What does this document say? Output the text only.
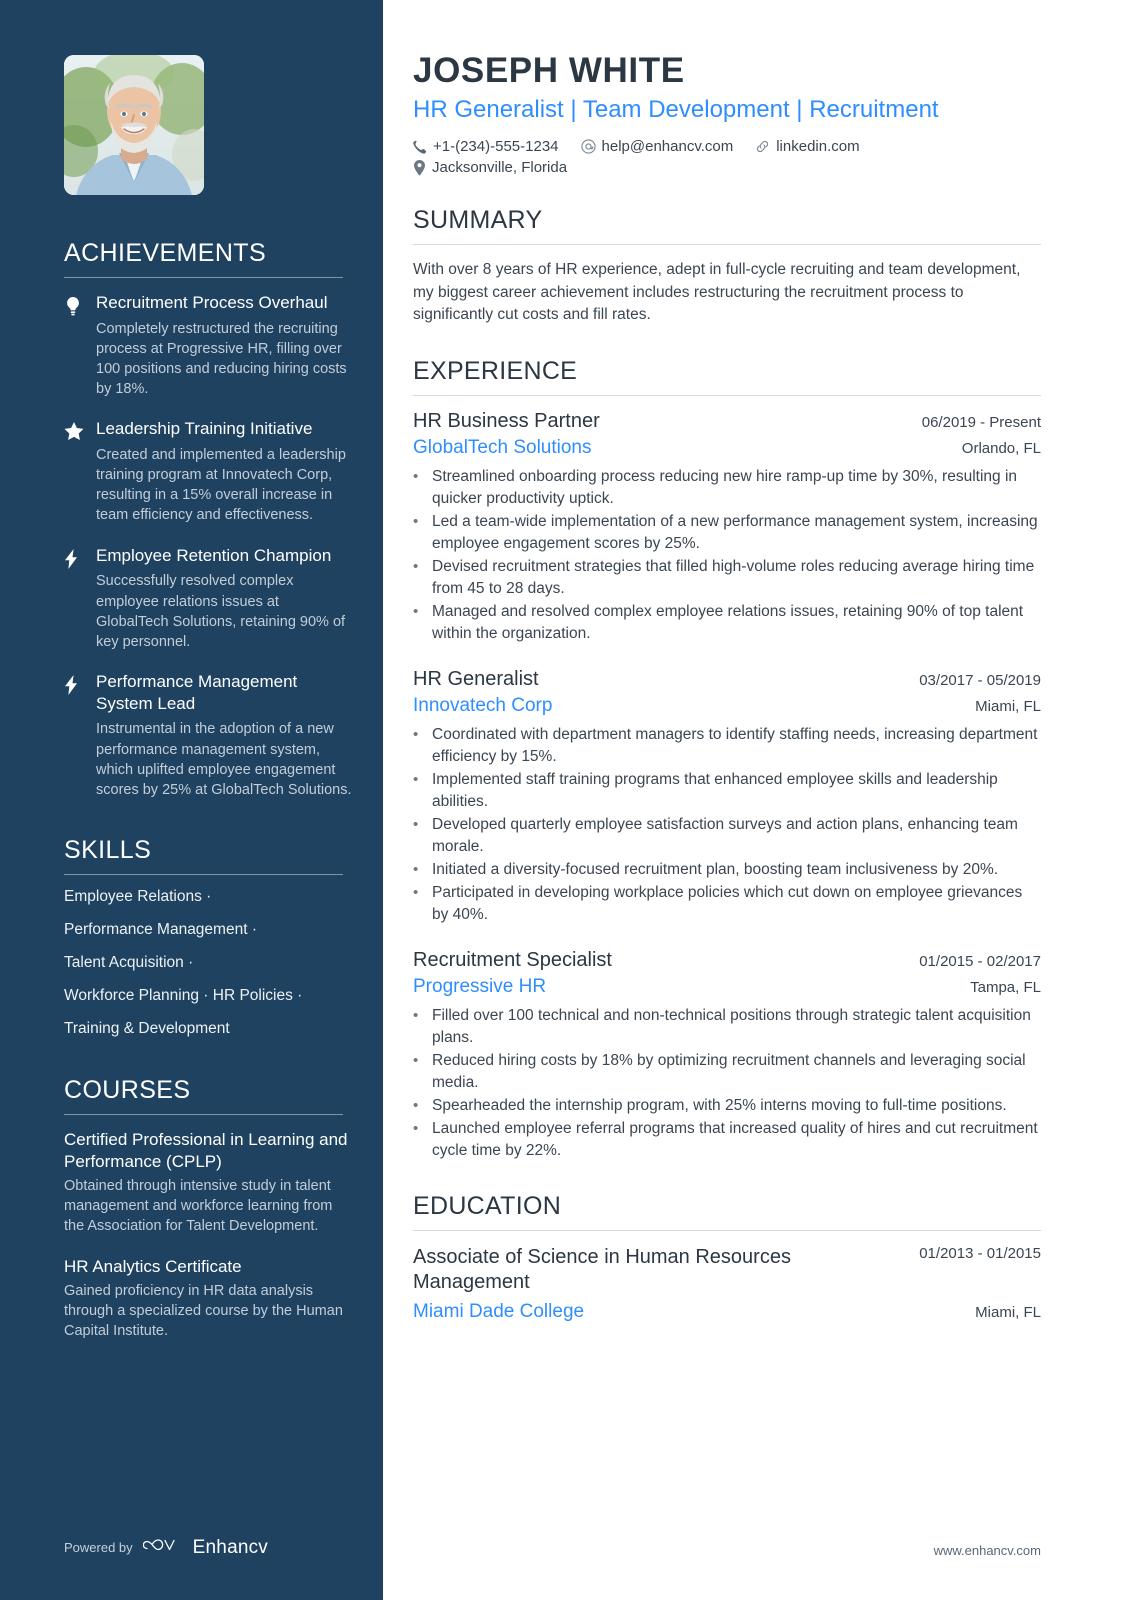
ACHIEVEMENTS
Recruitment Process Overhaul
Completely restructured the recruiting process at Progressive HR, filling over 100 positions and reducing hiring costs by 18%.
Leadership Training Initiative
Created and implemented a leadership training program at Innovatech Corp, resulting in a 15% overall increase in team efficiency and effectiveness.
Employee Retention Champion
Successfully resolved complex employee relations issues at GlobalTech Solutions, retaining 90% of key personnel.
Performance Management System Lead
Instrumental in the adoption of a new performance management system, which uplifted employee engagement scores by 25% at GlobalTech Solutions.
SKILLS
Employee Relations ·
Performance Management ·
Talent Acquisition ·
Workforce Planning · HR Policies ·
Training & Development
COURSES
Certified Professional in Learning and Performance (CPLP)
Obtained through intensive study in talent management and workforce learning from the Association for Talent Development.
HR Analytics Certificate
Gained proficiency in HR data analysis through a specialized course by the Human Capital Institute.
Powered by	Enhancv
JOSEPH WHITE
HR Generalist | Team Development | Recruitment
+1-(234)-555-1234	help@enhancv.com	linkedin.com
Jacksonville, Florida
SUMMARY

With over 8 years of HR experience, adept in full-cycle recruiting and team development, my biggest career achievement includes restructuring the recruitment process to significantly cut costs and fill rates.

EXPERIENCE
HR Business Partner	06/2019 - Present
GlobalTech Solutions	Orlando, FL
• Streamlined onboarding process reducing new hire ramp-up time by 30%, resulting in quicker productivity uptick.
• Led a team-wide implementation of a new performance management system, increasing employee engagement scores by 25%.
• Devised recruitment strategies that filled high-volume roles reducing average hiring time from 45 to 28 days.
• Managed and resolved complex employee relations issues, retaining 90% of top talent within the organization.
HR Generalist	03/2017 - 05/2019
Innovatech Corp	Miami, FL
• Coordinated with department managers to identify staffing needs, increasing department efficiency by 15%.
• Implemented staff training programs that enhanced employee skills and leadership abilities.
• Developed quarterly employee satisfaction surveys and action plans, enhancing team morale.
• Initiated a diversity-focused recruitment plan, boosting team inclusiveness by 20%.
• Participated in developing workplace policies which cut down on employee grievances by 40%.
Recruitment Specialist	01/2015 - 02/2017
Progressive HR	Tampa, FL
• Filled over 100 technical and non-technical positions through strategic talent acquisition plans.
• Reduced hiring costs by 18% by optimizing recruitment channels and leveraging social media.
• Spearheaded the internship program, with 25% interns moving to full-time positions.
• Launched employee referral programs that increased quality of hires and cut recruitment cycle time by 22%.
EDUCATION
Associate of Science in Human Resources Management
01/2013 - 01/2015
Miami Dade College	Miami, FL
www.enhancv.com
